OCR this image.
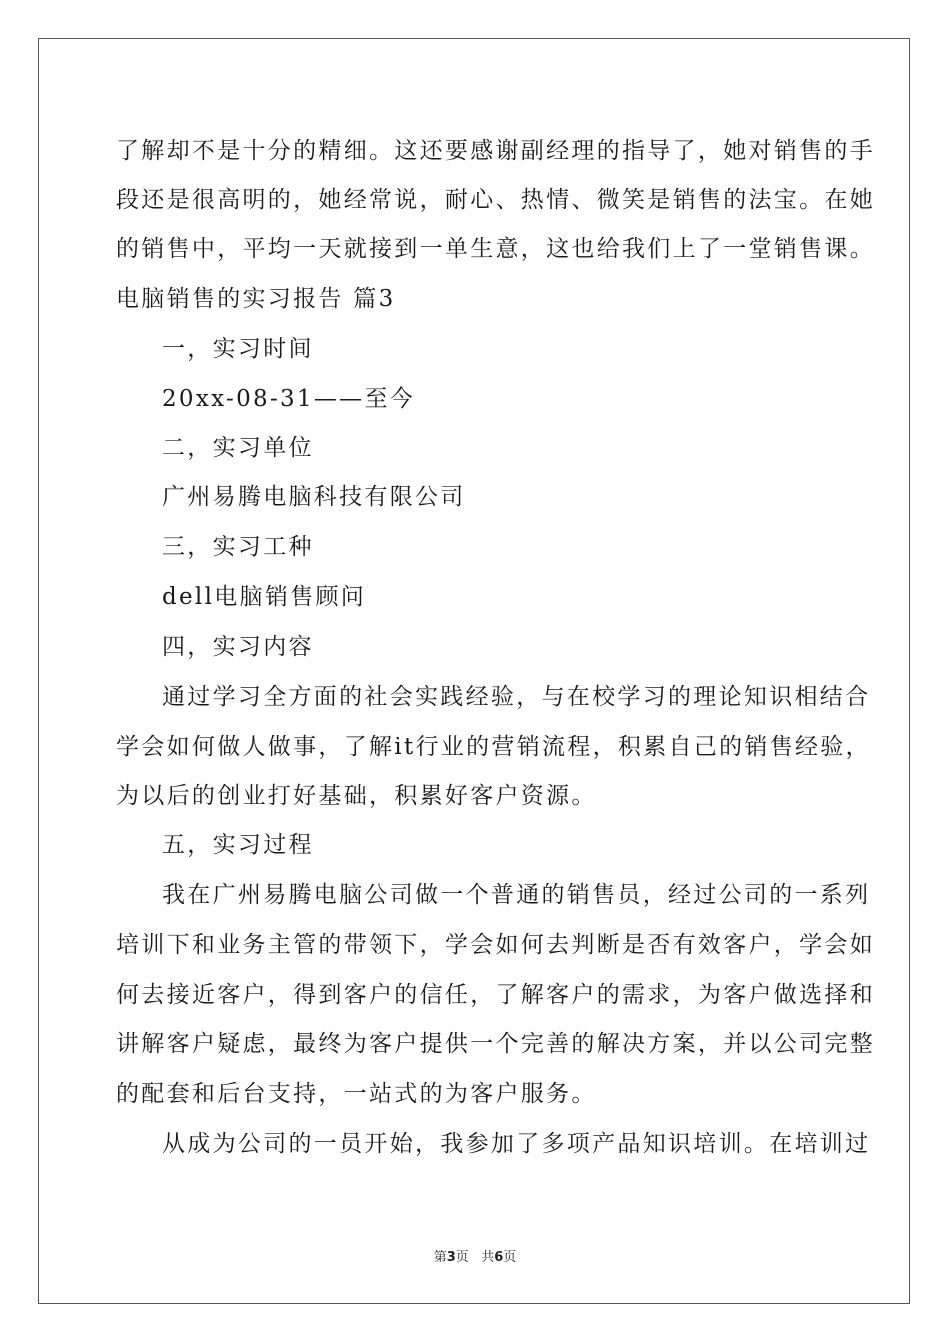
了解却不是十分的精细。这还要感谢副经理的指导了，她对销售的手
段还是很高明的，她经常说，耐心、热情、微笑是销售的法宝。在她
的销售中，平均一天就接到一单生意，这也给我们上了一堂销售课。
电脑销售的实习报告 篇3
一，实习时间
20xx-08-31——至今
二，实习单位
广州易腾电脑科技有限公司
三，实习工种
dell电脑销售顾问
四，实习内容
通过学习全方面的社会实践经验，与在校学习的理论知识相结合
学会如何做人做事，了解it行业的营销流程，积累自己的销售经验，
为以后的创业打好基础，积累好客户资源。
五，实习过程
我在广州易腾电脑公司做一个普通的销售员，经过公司的一系列
培训下和业务主管的带领下，学会如何去判断是否有效客户，学会如
何去接近客户，得到客户的信任，了解客户的需求，为客户做选择和
讲解客户疑虑，最终为客户提供一个完善的解决方案，并以公司完整
的配套和后台支持，一站式的为客户服务。
从成为公司的一员开始，我参加了多项产品知识培训。在培训过
第3页 共6页
